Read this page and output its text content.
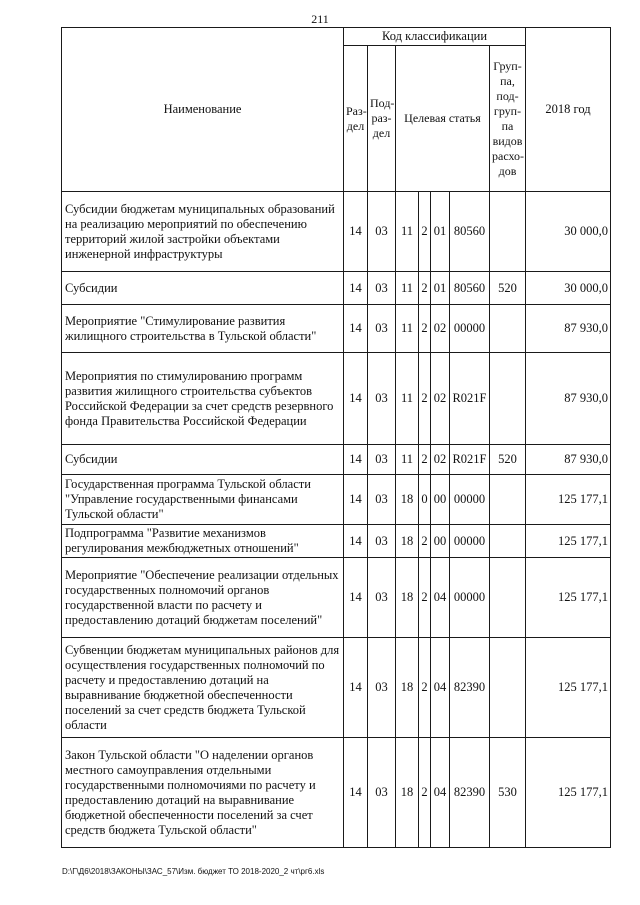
211
Наименование	Код классификации							2018 год
	Раз-дел	Под-раз-дел	Целевая статья				Груп-па, под-груп-па видов расхо-дов	
Субсидии бюджетам муниципальных образований на реализацию мероприятий по обеспечению территорий жилой застройки объектами инженерной инфраструктуры	14	03	11	2	01	80560		30 000,0
Субсидии	14	03	11	2	01	80560	520	30 000,0
Мероприятие "Стимулирование развития жилищного строительства в Тульской области"	14	03	11	2	02	00000		87 930,0
Мероприятия по стимулированию программ развития жилищного строительства субъектов Российской Федерации за счет средств резервного фонда Правительства Российской Федерации	14	03	11	2	02	R021F		87 930,0
Субсидии	14	03	11	2	02	R021F	520	87 930,0
Государственная программа Тульской области "Управление государственными финансами Тульской области"	14	03	18	0	00	00000		125 177,1
Подпрограмма "Развитие механизмов регулирования межбюджетных отношений"	14	03	18	2	00	00000		125 177,1
Мероприятие "Обеспечение реализации отдельных государственных полномочий органов государственной власти по расчету и предоставлению дотаций бюджетам поселений"	14	03	18	2	04	00000		125 177,1
Субвенции бюджетам муниципальных районов для осуществления государственных полномочий по расчету и предоставлению дотаций на выравнивание бюджетной обеспеченности поселений за счет средств бюджета Тульской области	14	03	18	2	04	82390		125 177,1
Закон Тульской области "О наделении органов местного самоуправления отдельными государственными полномочиями по расчету и предоставлению дотаций на выравнивание бюджетной обеспеченности поселений за счет средств бюджета Тульской области"	14	03	18	2	04	82390	530	125 177,1
D:\Г\Д6\2018\ЗАКОНЫ\ЗАС_57\Изм. бюджет ТО 2018-2020_2 чт\рг6.xls
